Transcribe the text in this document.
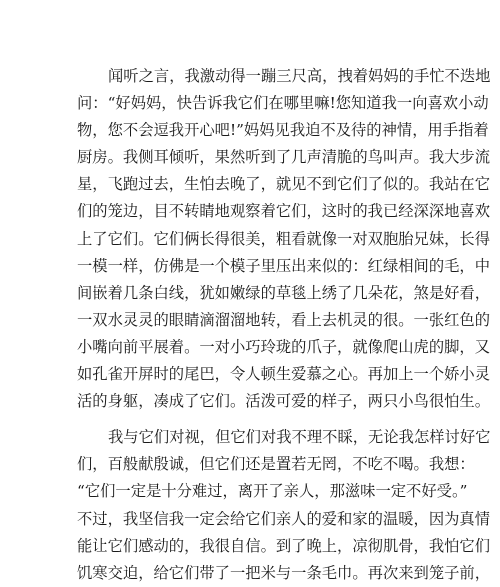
闻听之言，我激动得一蹦三尺高，拽着妈妈的手忙不迭地
问：“好妈妈，快告诉我它们在哪里嘛!您知道我一向喜欢小动
物，您不会逗我开心吧!”妈妈见我迫不及待的神情，用手指着
厨房。我侧耳倾听，果然听到了几声清脆的鸟叫声。我大步流
星，飞跑过去，生怕去晚了，就见不到它们了似的。我站在它
们的笼边，目不转睛地观察着它们，这时的我已经深深地喜欢
上了它们。它们俩长得很美，粗看就像一对双胞胎兄妹，长得
一模一样，仿佛是一个模子里压出来似的：红绿相间的毛，中
间嵌着几条白线，犹如嫩绿的草毯上绣了几朵花，煞是好看，
一双水灵灵的眼睛滴溜溜地转，看上去机灵的很。一张红色的
小嘴向前平展着。一对小巧玲珑的爪子，就像爬山虎的脚，又
如孔雀开屏时的尾巴，令人顿生爱慕之心。再加上一个娇小灵
活的身躯，凑成了它们。活泼可爱的样子，两只小鸟很怕生。
我与它们对视，但它们对我不理不睬，无论我怎样讨好它
们，百般献殷诚，但它们还是置若无罔，不吃不喝。我想：
“它们一定是十分难过，离开了亲人，那滋味一定不好受。”
不过，我坚信我一定会给它们亲人的爱和家的温暖，因为真情
能让它们感动的，我很自信。到了晚上，凉彻肌骨，我怕它们
饥寒交迫，给它们带了一把米与一条毛巾。再次来到笼子前，
